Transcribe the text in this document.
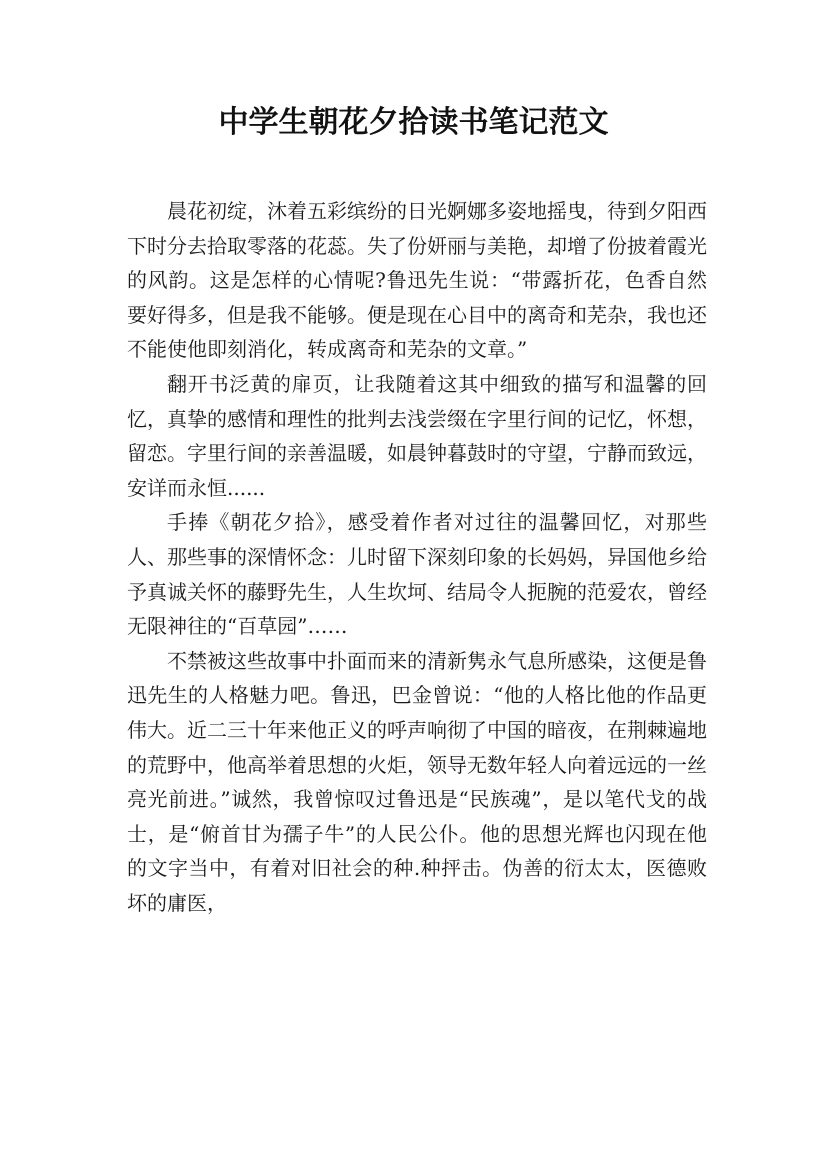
中学生朝花夕拾读书笔记范文

晨花初绽，沐着五彩缤纷的日光婀娜多姿地摇曳，待到夕阳西下时分去拾取零落的花蕊。失了份妍丽与美艳，却增了份披着霞光的风韵。这是怎样的心情呢?鲁迅先生说：“带露折花，色香自然要好得多，但是我不能够。便是现在心目中的离奇和芜杂，我也还不能使他即刻消化，转成离奇和芜杂的文章。”

翻开书泛黄的扉页，让我随着这其中细致的描写和温馨的回忆，真挚的感情和理性的批判去浅尝缀在字里行间的记忆，怀想，留恋。字里行间的亲善温暖，如晨钟暮鼓时的守望，宁静而致远，安详而永恒......

手捧《朝花夕拾》，感受着作者对过往的温馨回忆，对那些人、那些事的深情怀念：儿时留下深刻印象的长妈妈，异国他乡给予真诚关怀的藤野先生，人生坎坷、结局令人扼腕的范爱农，曾经无限神往的“百草园”……

不禁被这些故事中扑面而来的清新隽永气息所感染，这便是鲁迅先生的人格魅力吧。鲁迅，巴金曾说：“他的人格比他的作品更伟大。近二三十年来他正义的呼声响彻了中国的暗夜，在荆棘遍地的荒野中，他高举着思想的火炬，领导无数年轻人向着远远的一丝亮光前进。”诚然，我曾惊叹过鲁迅是“民族魂”，是以笔代戈的战士，是“俯首甘为孺子牛”的人民公仆。他的思想光辉也闪现在他的文字当中，有着对旧社会的种.种抨击。伪善的衍太太，医德败坏的庸医，
